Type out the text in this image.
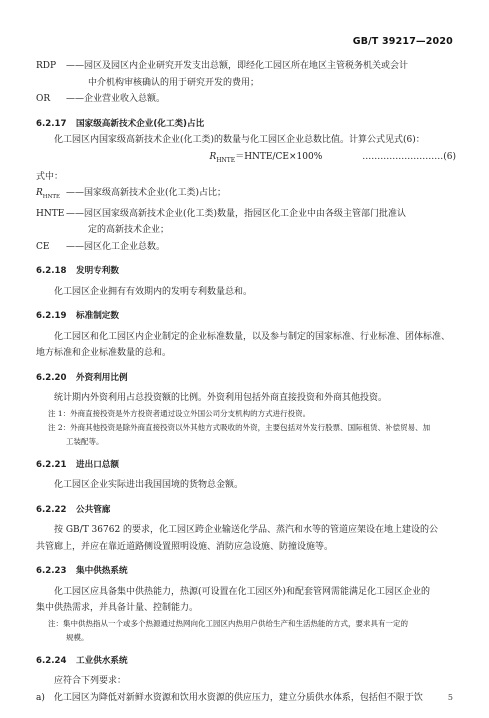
GB/T 39217—2020
RDP ——园区及园区内企业研究开发支出总额，即经化工园区所在地区主管税务机关或会计
中介机构审核确认的用于研究开发的费用；
OR ——企业营业收入总额。
6.2.17 国家级高新技术企业(化工类)占比
化工园区内国家级高新技术企业(化工类)的数量与化工园区企业总数比值。计算公式见式(6)：
$R_{HNTE}=HNTE/CE\times 100\%$	………………………(6)
式中：
$R_{HNTE}$ ——国家级高新技术企业(化工类)占比；
HNTE ——园区国家级高新技术企业(化工类)数量，指园区化工企业中由各级主管部门批准认
定的高新技术企业；
CE ——园区化工企业总数。
6.2.18 发明专利数
化工园区企业拥有有效期内的发明专利数量总和。
6.2.19 标准制定数
化工园区和化工园区内企业制定的企业标准数量，以及参与制定的国家标准、行业标准、团体标准、
地方标准和企业标准数量的总和。
6.2.20 外资利用比例
统计期内外资利用占总投资额的比例。外资利用包括外商直接投资和外商其他投资。
注 1：外商直接投资是外方投资者通过设立外国公司分支机构的方式进行投资。
注 2：外商其他投资是除外商直接投资以外其他方式吸收的外资，主要包括对外发行股票、国际租赁、补偿贸易、加
工装配等。
6.2.21 进出口总额
化工园区企业实际进出我国国境的货物总金额。
6.2.22 公共管廊
按 GB/T 36762 的要求，化工园区跨企业输送化学品、蒸汽和水等的管道应架设在地上建设的公
共管廊上，并应在靠近道路侧设置照明设施、消防应急设施、防撞设施等。
6.2.23 集中供热系统
化工园区应具备集中供热能力，热源(可设置在化工园区外)和配套管网需能满足化工园区企业的
集中供热需求，并具备计量、控制能力。
注：集中供热指从一个或多个热源通过热网向化工园区内热用户供给生产和生活热能的方式，要求具有一定的
规模。
6.2.24 工业供水系统
应符合下列要求：
a)　化工园区为降低对新鲜水资源和饮用水资源的供应压力，建立分质供水体系，包括但不限于饮	5
